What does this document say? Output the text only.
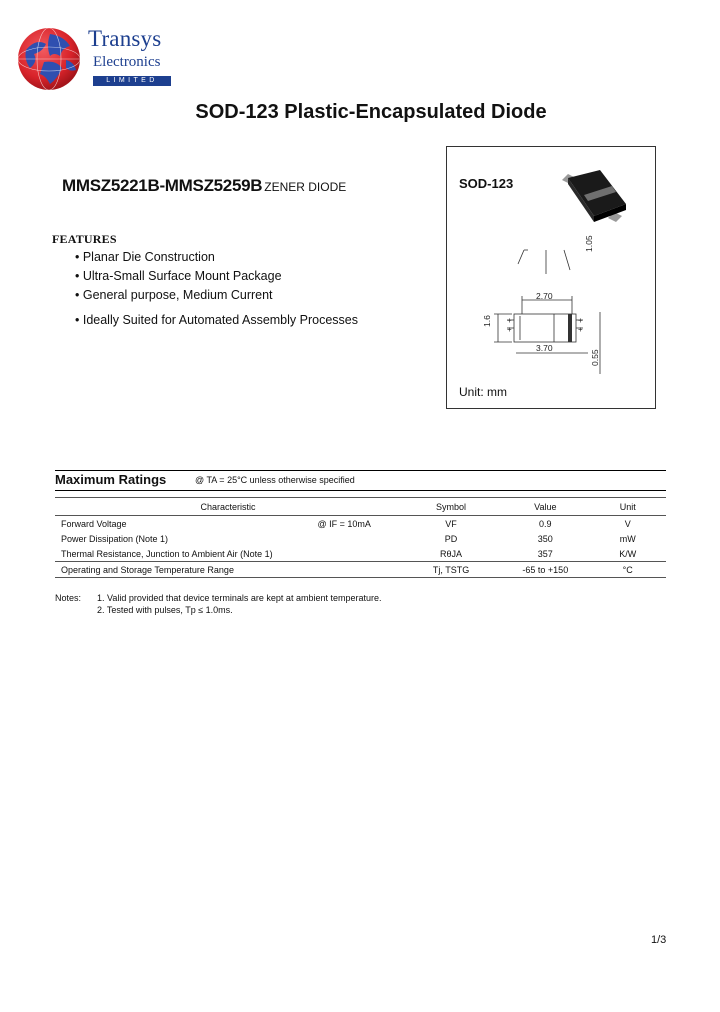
Transys
Electronics
LIMITED
SOD-123 Plastic-Encapsulated Diode
MMSZ5221B-MMSZ5259B ZENER DIODE
FEATURES
• Planar Die Construction
• Ultra-Small Surface Mount Package
• General purpose, Medium Current
• Ideally Suited for Automated Assembly Processes
SOD-123
+	+
+	+
1.05
2.70
1.6
3.70
0.55
Unit: mm
Maximum Ratings	@ TA = 25°C unless otherwise specified
Characteristic		Symbol	Value	Unit
Forward Voltage	@ IF = 10mA	VF	0.9	V
Power Dissipation (Note 1)		PD	350	mW
Thermal Resistance, Junction to Ambient Air (Note 1)		RθJA	357	K/W
Operating and Storage Temperature Range		Tj, TSTG	-65 to +150	°C
Notes: 1. Valid provided that device terminals are kept at ambient temperature.
2. Tested with pulses, Tp ≤ 1.0ms.
1/3
